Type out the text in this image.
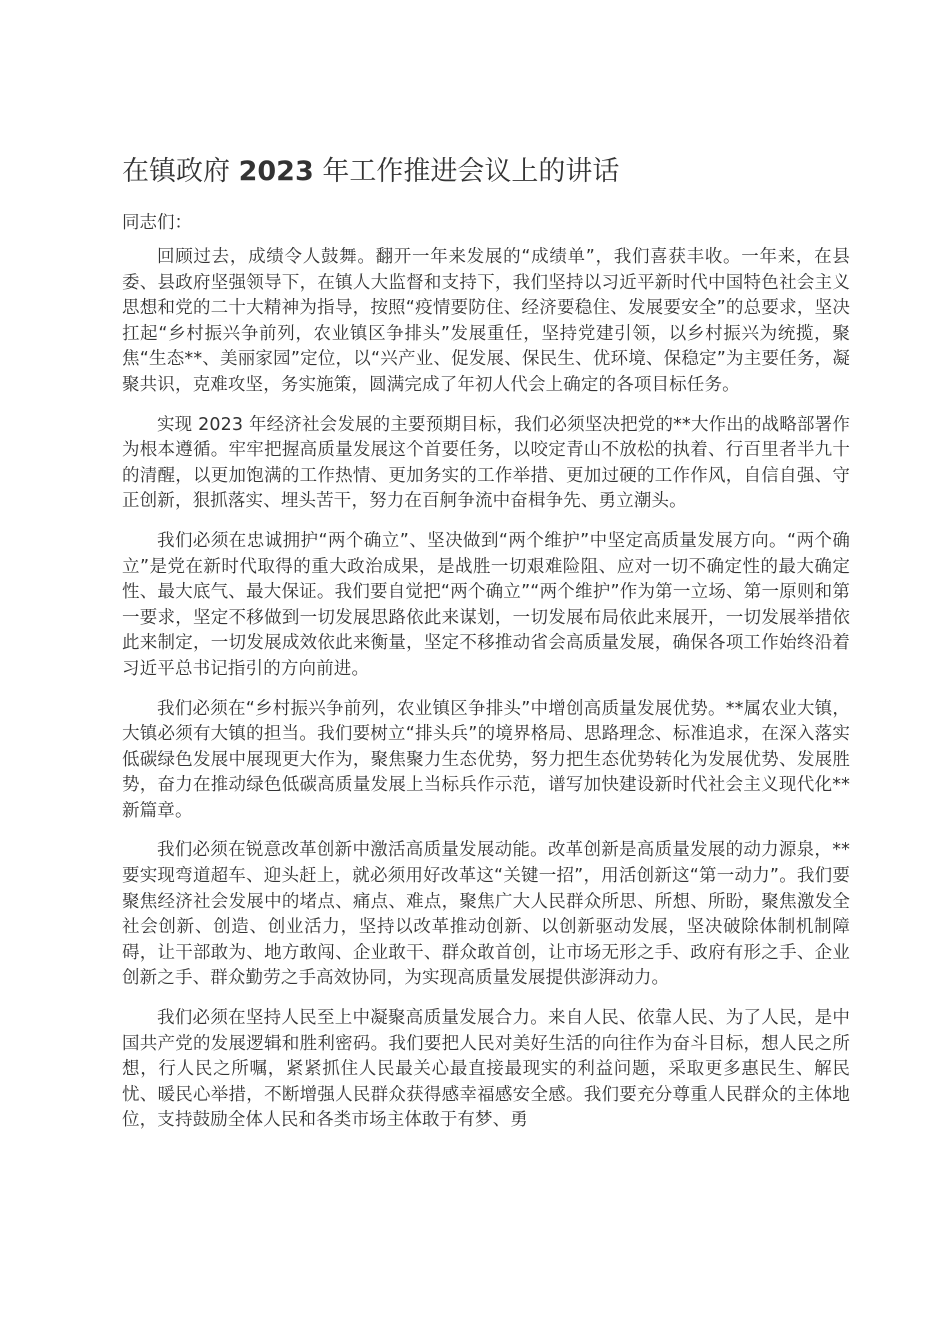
在镇政府 2023 年工作推进会议上的讲话

同志们：

回顾过去，成绩令人鼓舞。翻开一年来发展的“成绩单”，我们喜获丰收。一年来，在县委、县政府坚强领导下，在镇人大监督和支持下，我们坚持以习近平新时代中国特色社会主义思想和党的二十大精神为指导，按照“疫情要防住、经济要稳住、发展要安全”的总要求，坚决扛起“乡村振兴争前列，农业镇区争排头”发展重任，坚持党建引领，以乡村振兴为统揽，聚焦“生态**、美丽家园”定位，以“兴产业、促发展、保民生、优环境、保稳定”为主要任务，凝聚共识，克难攻坚，务实施策，圆满完成了年初人代会上确定的各项目标任务。

实现 2023 年经济社会发展的主要预期目标，我们必须坚决把党的**大作出的战略部署作为根本遵循。牢牢把握高质量发展这个首要任务，以咬定青山不放松的执着、行百里者半九十的清醒，以更加饱满的工作热情、更加务实的工作举措、更加过硬的工作作风，自信自强、守正创新，狠抓落实、埋头苦干，努力在百舸争流中奋楫争先、勇立潮头。

我们必须在忠诚拥护“两个确立”、坚决做到“两个维护”中坚定高质量发展方向。“两个确立”是党在新时代取得的重大政治成果，是战胜一切艰难险阻、应对一切不确定性的最大确定性、最大底气、最大保证。我们要自觉把“两个确立”“两个维护”作为第一立场、第一原则和第一要求，坚定不移做到一切发展思路依此来谋划，一切发展布局依此来展开，一切发展举措依此来制定，一切发展成效依此来衡量，坚定不移推动省会高质量发展，确保各项工作始终沿着习近平总书记指引的方向前进。

我们必须在“乡村振兴争前列，农业镇区争排头”中增创高质量发展优势。**属农业大镇，大镇必须有大镇的担当。我们要树立“排头兵”的境界格局、思路理念、标准追求，在深入落实低碳绿色发展中展现更大作为，聚焦聚力生态优势，努力把生态优势转化为发展优势、发展胜势，奋力在推动绿色低碳高质量发展上当标兵作示范，谱写加快建设新时代社会主义现代化**新篇章。

我们必须在锐意改革创新中激活高质量发展动能。改革创新是高质量发展的动力源泉，**要实现弯道超车、迎头赶上，就必须用好改革这“关键一招”，用活创新这“第一动力”。我们要聚焦经济社会发展中的堵点、痛点、难点，聚焦广大人民群众所思、所想、所盼，聚焦激发全社会创新、创造、创业活力，坚持以改革推动创新、以创新驱动发展，坚决破除体制机制障碍，让干部敢为、地方敢闯、企业敢干、群众敢首创，让市场无形之手、政府有形之手、企业创新之手、群众勤劳之手高效协同，为实现高质量发展提供澎湃动力。

我们必须在坚持人民至上中凝聚高质量发展合力。来自人民、依靠人民、为了人民，是中国共产党的发展逻辑和胜利密码。我们要把人民对美好生活的向往作为奋斗目标，想人民之所想，行人民之所嘱，紧紧抓住人民最关心最直接最现实的利益问题，采取更多惠民生、解民忧、暖民心举措，不断增强人民群众获得感幸福感安全感。我们要充分尊重人民群众的主体地位，支持鼓励全体人民和各类市场主体敢于有梦、勇
